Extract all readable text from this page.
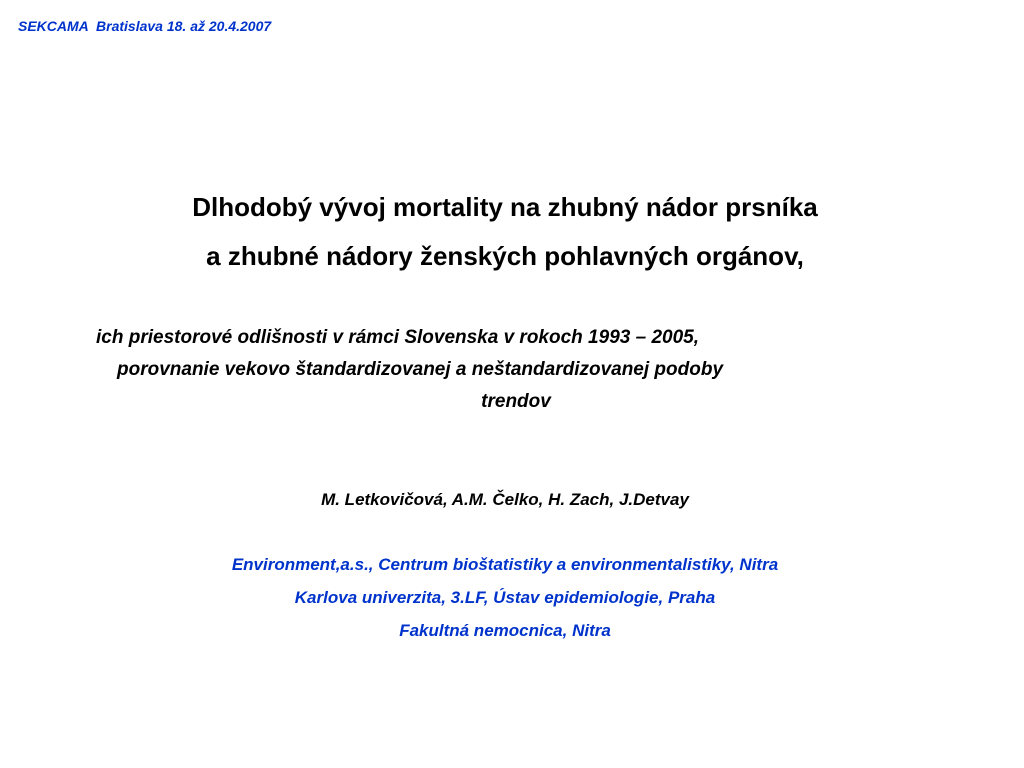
SEKCAMA  Bratislava 18. až 20.4.2007
Dlhodobý vývoj mortality na zhubný nádor prsníka
a zhubné nádory ženských pohlavných orgánov,
ich priestorové odlišnosti v rámci Slovenska v rokoch 1993 – 2005,
porovnanie vekovo štandardizovanej a neštandardizovanej podoby
trendov
M. Letkovičová, A.M. Čelko, H. Zach, J.Detvay
Environment,a.s., Centrum bioštatistiky a environmentalistiky, Nitra
Karlova univerzita, 3.LF, Ústav epidemiologie, Praha
Fakultná nemocnica, Nitra
